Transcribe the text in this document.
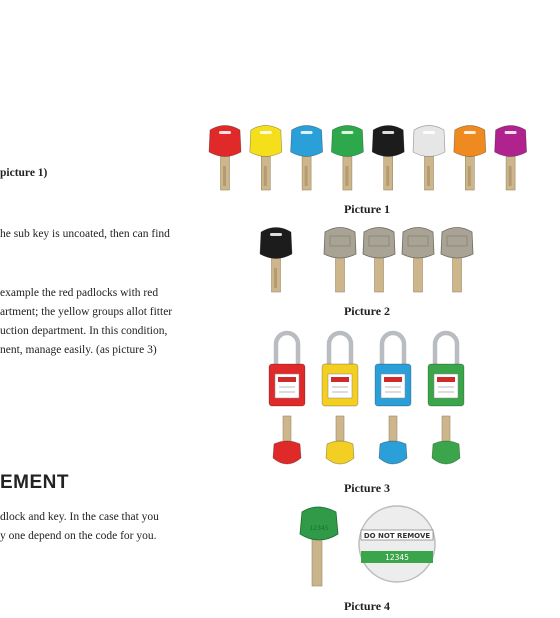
picture 1)
he sub key is uncoated, then can find
example the red padlocks with red
artment; the yellow groups allot fitter
uction department. In this condition,
nent, manage easily. (as picture 3)
EMENT
dlock and key. In the case that you
y one depend on the code for you.
Picture 1
Picture 2
Picture 3
12345
DO NOT REMOVE
12345
Picture 4
